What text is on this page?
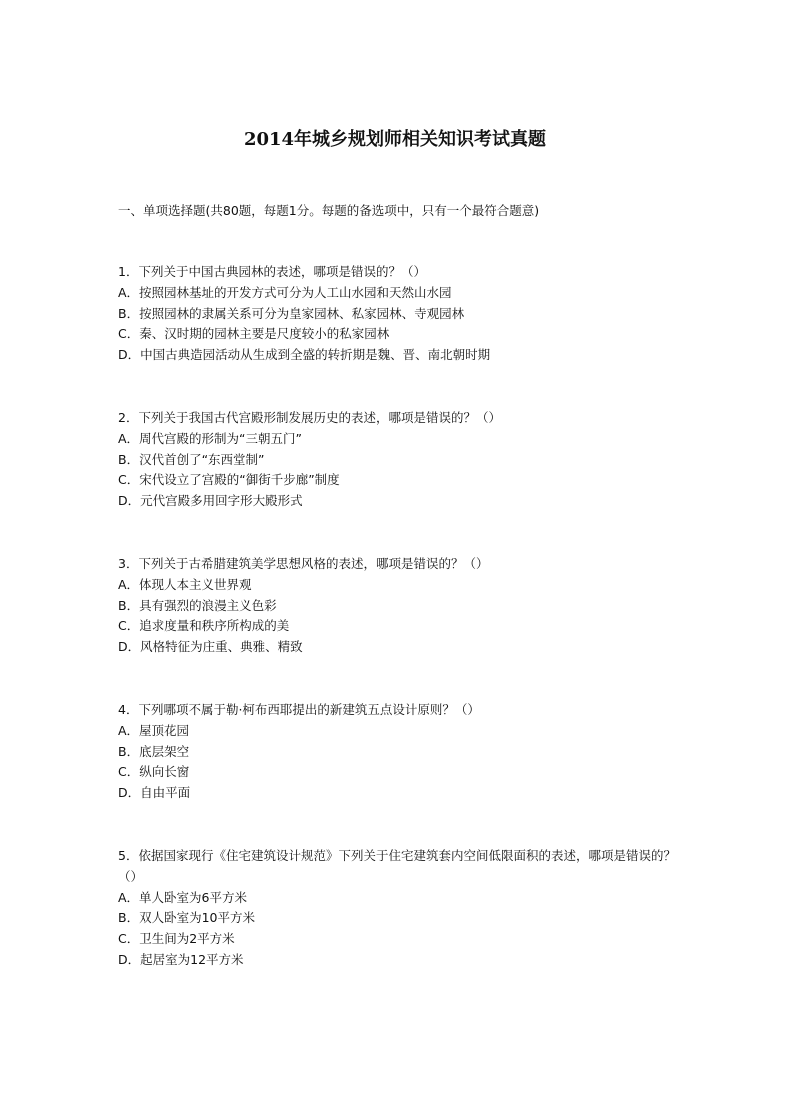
2014年城乡规划师相关知识考试真题
一、单项选择题(共80题，每题1分。每题的备选项中，只有一个最符合题意)

1．下列关于中国古典园林的表述，哪项是错误的？（）

A．按照园林基址的开发方式可分为人工山水园和天然山水园
B．按照园林的隶属关系可分为皇家园林、私家园林、寺观园林
C．秦、汉时期的园林主要是尺度较小的私家园林
D．中国古典造园活动从生成到全盛的转折期是魏、晋、南北朝时期

2．下列关于我国古代宫殿形制发展历史的表述，哪项是错误的？（）

A．周代宫殿的形制为“三朝五门”
B．汉代首创了“东西堂制”
C．宋代设立了宫殿的“御街千步廊”制度
D．元代宫殿多用回字形大殿形式

3．下列关于古希腊建筑美学思想风格的表述，哪项是错误的？（）

A．体现人本主义世界观
B．具有强烈的浪漫主义色彩
C．追求度量和秩序所构成的美
D．风格特征为庄重、典雅、精致

4．下列哪项不属于勒·柯布西耶提出的新建筑五点设计原则？（）

A．屋顶花园
B．底层架空
C．纵向长窗
D．自由平面

5．依据国家现行《住宅建筑设计规范》下列关于住宅建筑套内空间低限面积的表述，哪项是错误的？（）

A．单人卧室为6平方米
B．双人卧室为10平方米
C．卫生间为2平方米
D．起居室为12平方米
